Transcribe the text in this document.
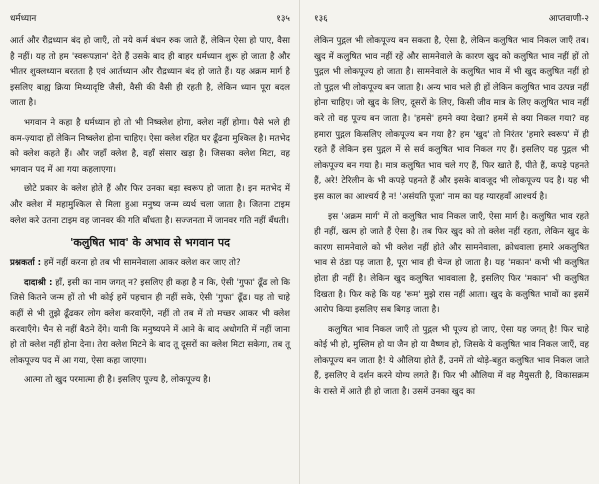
धर्मध्यान	१३५

आर्त और रौद्रध्यान बंद हो जाएँ, तो नये कर्म बंधन रुक जाते हैं, लेकिन ऐसा हो पाए, वैसा है नहीं। यह तो हम 'स्वरूपज्ञान' देते हैं उसके बाद ही बाहर धर्मध्यान शुरू हो जाता है और भीतर शुक्लध्यान बरतता है एवं आर्तध्यान और रौद्रध्यान बंद हो जाते हैं। यह अक्रम मार्ग है इसलिए बाह्य क्रिया मिथ्यादृष्टि जैसी, वैसी की वैसी ही रहती है, लेकिन ध्यान पूरा बदल जाता है।

भगवान ने कहा है धर्मध्यान हो तो भी निष्क्लेश होगा, क्लेश नहीं होगा। पैसे भले ही कम-ज़्यादा हों लेकिन निष्क्लेश होना चाहिए। ऐसा क्लेश रहित घर ढूँढना मुश्किल है। मतभेद को क्लेश कहते हैं। और जहाँ क्लेश है, वहाँ संसार खड़ा है। जिसका क्लेश मिटा, वह भगवान पद में आ गया कहलाएगा।

छोटे प्रकार के क्लेश होते हैं और फिर उनका बड़ा स्वरूप हो जाता है। इन मतभेद में और क्लेश में महामुश्किल से मिला हुआ मनुष्य जन्म व्यर्थ चला जाता है। जितना टाइम क्लेश करे उतना टाइम वह जानवर की गति बाँधता है। सज्जनता में जानवर गति नहीं बँधती।

'कलुषित भाव' के अभाव से भगवान पद

प्रश्नकर्ता : हमें नहीं करना हो तब भी सामनेवाला आकर क्लेश कर जाए तो?

दादाश्री : हाँ, इसी का नाम जगत् न? इसलिए ही कहा है न कि, ऐसी 'गुफा' ढूँढ लो कि जिसे कितने जन्म हों तो भी कोई हमें पहचान ही नहीं सके, ऐसी 'गुफा' ढूँढ। यह तो चाहे कहीं से भी तुझे ढूँढकर लोग क्लेश करवाएँगे, नहीं तो तब में तो मच्छर आकर भी क्लेश करवाएँगे। चैन से नहीं बैठने देंगे। यानी कि मनुष्यपने में आने के बाद अधोगति में नहीं जाना हो तो क्लेश नहीं होना देना। तेरा क्लेश मिटने के बाद तू दूसरों का क्लेश मिटा सकेगा, तब तू लोकपूज्य पद में आ गया, ऐसा कहा जाएगा।

आत्मा तो खुद परमात्मा ही है। इसलिए पूज्य है, लोकपूज्य है।

१३६	आप्तवाणी-२

लेकिन पुद्गल भी लोकपूज्य बन सकता है, ऐसा है, लेकिन कलुषित भाव निकल जाएँ तब। खुद में कलुषित भाव नहीं रहें और सामनेवाले के कारण खुद को कलुषित भाव नहीं हों तो पुद्गल भी लोकपूज्य हो जाता है। सामनेवाले के कलुषित भाव में भी खुद कलुषित नहीं हो तो पुद्गल भी लोकपूज्य बन जाता है। अन्य भाव भले ही हों लेकिन कलुषित भाव उत्पन्न नहीं होना चाहिए। जो खुद के लिए, दूसरों के लिए, किसी जीव मात्र के लिए कलुषित भाव नहीं करे तो वह पूज्य बन जाता है। 'हमसे' हमने क्या देखा? हममें से क्या निकल गया? वह हमारा पुद्गल किसलिए लोकपूज्य बन गया है? हम 'खुद' तो निरंतर 'हमारे स्वरूप' में ही रहते हैं लेकिन इस पुद्गल में से सर्व कलुषित भाव निकल गए हैं। इसलिए यह पुद्गल भी लोकपूज्य बन गया है। मात्र कलुषित भाव चले गए हैं, फिर खाते हैं, पीते हैं, कपड़े पहनते हैं, अरे! टेरिलीन के भी कपड़े पहनते हैं और इसके बावजूद भी लोकपूज्य पद है। यह भी इस काल का आश्चर्य है न! 'असंयति पूजा' नाम का यह ग्यारहवाँ आश्चर्य है।

इस 'अक्रम मार्ग' में तो कलुषित भाव निकल जाएँ, ऐसा मार्ग है। कलुषित भाव रहते ही नहीं, खत्म हो जाते हैं ऐसा है। तब फिर खुद को तो क्लेश नहीं रहता, लेकिन खुद के कारण सामनेवाले को भी क्लेश नहीं होते और सामनेवाला, क्रोधवाला हमारे अकलुषित भाव से ठंडा पड़ जाता है, पूरा भाव ही चेन्ज हो जाता है। यह 'मकान' कभी भी कलुषित होता ही नहीं है। लेकिन खुद कलुषित भाववाला है, इसलिए फिर 'मकान' भी कलुषित दिखता है। फिर कहे कि यह 'रूम' मुझे रास नहीं आता। खुद के कलुषित भावों का इसमें आरोप किया इसलिए सब बिगड़ जाता है।

कलुषित भाव निकल जाएँ तो पुद्गल भी पूज्य हो जाए, ऐसा यह जगत् है! फिर चाहे कोई भी हो, मुस्लिम हो या जैन हो या वैष्णव हो, जिसके ये कलुषित भाव निकल जाएँ, वह लोकपूज्य बन जाता है! ये औलिया होते हैं, उनमें तो थोड़े-बहुत कलुषित भाव निकल जाते हैं, इसलिए वे दर्शन करने योग्य लगते हैं। फिर भी औलिया में वह मैयुसती है, विकासक्रम के रास्ते में आते ही हो जाता है। उसमें उनका खुद का
